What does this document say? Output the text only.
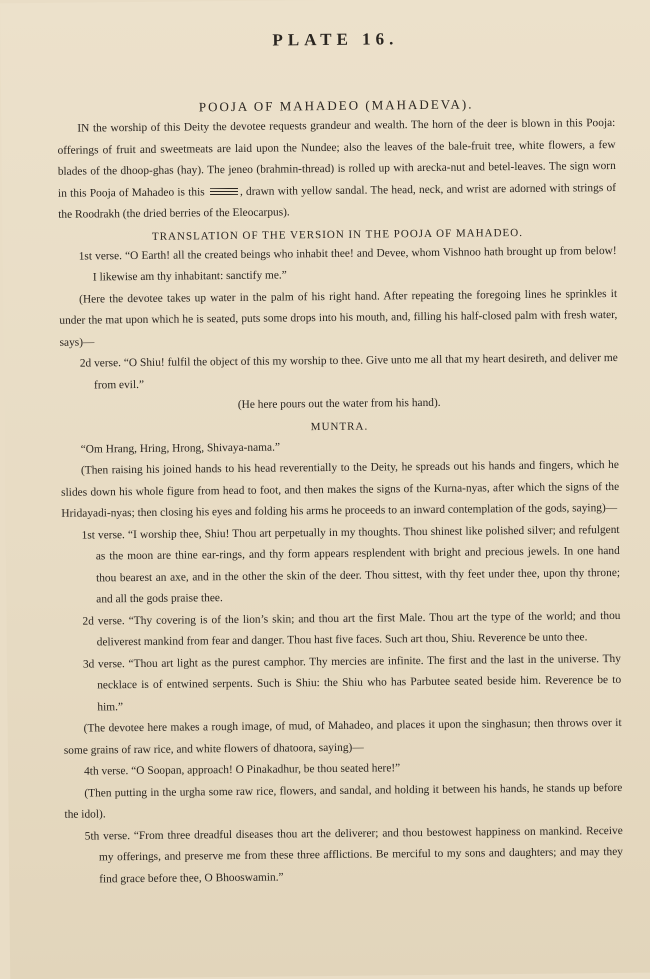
PLATE 16.
POOJA OF MAHADEO (MAHADEVA).

IN the worship of this Deity the devotee requests grandeur and wealth. The horn of the deer is blown in this Pooja: offerings of fruit and sweetmeats are laid upon the Nundee; also the leaves of the bale-fruit tree, white flowers, a few blades of the dhoop-ghas (hay). The jeneo (brahmin-thread) is rolled up with arecka-nut and betel-leaves. The sign worn in this Pooja of Mahadeo is this	, drawn with yellow sandal. The head, neck, and wrist are adorned with strings of the Roodrakh (the dried berries of the Eleocarpus).

TRANSLATION OF THE VERSION IN THE POOJA OF MAHADEO.

1st verse. “O Earth! all the created beings who inhabit thee! and Devee, whom Vishnoo hath brought up from below! I likewise am thy inhabitant: sanctify me.”

(Here the devotee takes up water in the palm of his right hand. After repeating the foregoing lines he sprinkles it under the mat upon which he is seated, puts some drops into his mouth, and, filling his half-closed palm with fresh water, says)—

2d verse. “O Shiu! fulfil the object of this my worship to thee. Give unto me all that my heart desireth, and deliver me from evil.”

(He here pours out the water from his hand).

MUNTRA.

“Om Hrang, Hring, Hrong, Shivaya-nama.”

(Then raising his joined hands to his head reverentially to the Deity, he spreads out his hands and fingers, which he slides down his whole figure from head to foot, and then makes the signs of the Kurna-nyas, after which the signs of the Hridayadi-nyas; then closing his eyes and folding his arms he proceeds to an inward contemplation of the gods, saying)—

1st verse. “I worship thee, Shiu! Thou art perpetually in my thoughts. Thou shinest like polished silver; and refulgent as the moon are thine ear-rings, and thy form appears resplendent with bright and precious jewels. In one hand thou bearest an axe, and in the other the skin of the deer. Thou sittest, with thy feet under thee, upon thy throne; and all the gods praise thee.

2d verse. “Thy covering is of the lion’s skin; and thou art the first Male. Thou art the type of the world; and thou deliverest mankind from fear and danger. Thou hast five faces. Such art thou, Shiu. Reverence be unto thee.

3d verse. “Thou art light as the purest camphor. Thy mercies are infinite. The first and the last in the universe. Thy necklace is of entwined serpents. Such is Shiu: the Shiu who has Parbutee seated beside him. Reverence be to him.”

(The devotee here makes a rough image, of mud, of Mahadeo, and places it upon the singhasun; then throws over it some grains of raw rice, and white flowers of dhatoora, saying)—

4th verse. “O Soopan, approach! O Pinakadhur, be thou seated here!”

(Then putting in the urgha some raw rice, flowers, and sandal, and holding it between his hands, he stands up before the idol).

5th verse. “From three dreadful diseases thou art the deliverer; and thou bestowest happiness on mankind. Receive my offerings, and preserve me from these three afflictions. Be merciful to my sons and daughters; and may they find grace before thee, O Bhooswamin.”
